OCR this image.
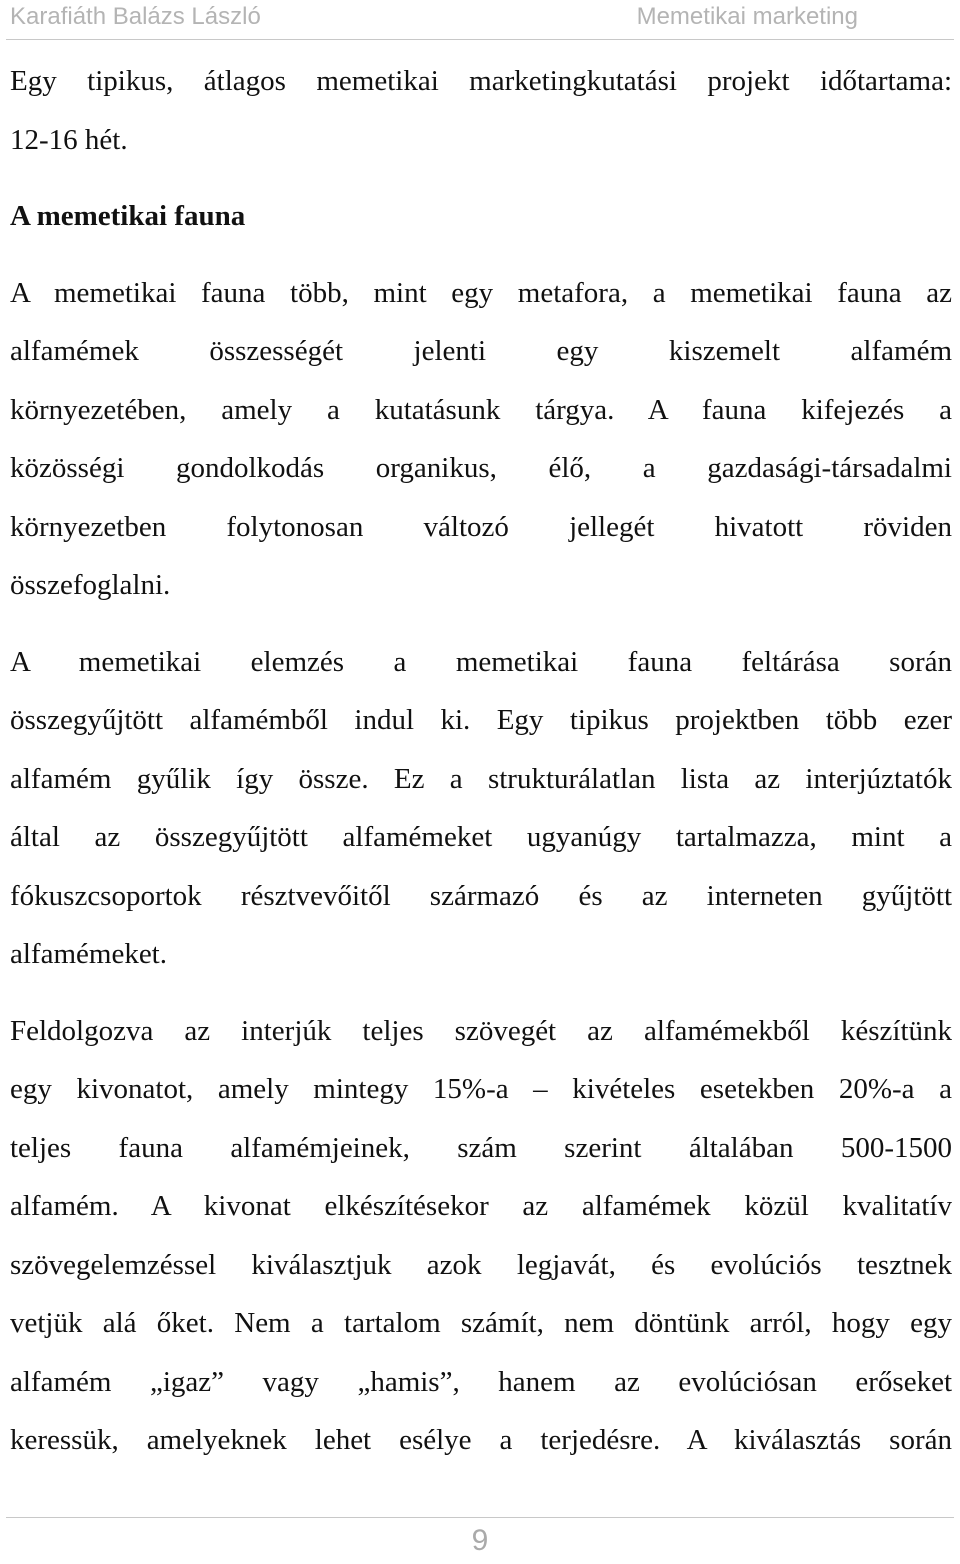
Karafiáth Balázs László	Memetikai marketing
Egy tipikus, átlagos memetikai marketingkutatási projekt időtartama:
12-16 hét.
A memetikai fauna
A memetikai fauna több, mint egy metafora, a memetikai fauna az
alfamémek összességét jelenti egy kiszemelt alfamém
környezetében, amely a kutatásunk tárgya. A fauna kifejezés a
közösségi gondolkodás organikus, élő, a gazdasági-társadalmi
környezetben folytonosan változó jellegét hivatott röviden
összefoglalni.
A memetikai elemzés a memetikai fauna feltárása során
összegyűjtött alfamémből indul ki. Egy tipikus projektben több ezer
alfamém gyűlik így össze. Ez a strukturálatlan lista az interjúztatók
által az összegyűjtött alfamémeket ugyanúgy tartalmazza, mint a
fókuszcsoportok résztvevőitől származó és az interneten gyűjtött
alfamémeket.
Feldolgozva az interjúk teljes szövegét az alfamémekből készítünk
egy kivonatot, amely mintegy 15%-a – kivételes esetekben 20%-a a
teljes fauna alfamémjeinek, szám szerint általában 500-1500
alfamém. A kivonat elkészítésekor az alfamémek közül kvalitatív
szövegelemzéssel kiválasztjuk azok legjavát, és evolúciós tesztnek
vetjük alá őket. Nem a tartalom számít, nem döntünk arról, hogy egy
alfamém „igaz” vagy „hamis”, hanem az evolúciósan erőseket
keressük, amelyeknek lehet esélye a terjedésre. A kiválasztás során
9
